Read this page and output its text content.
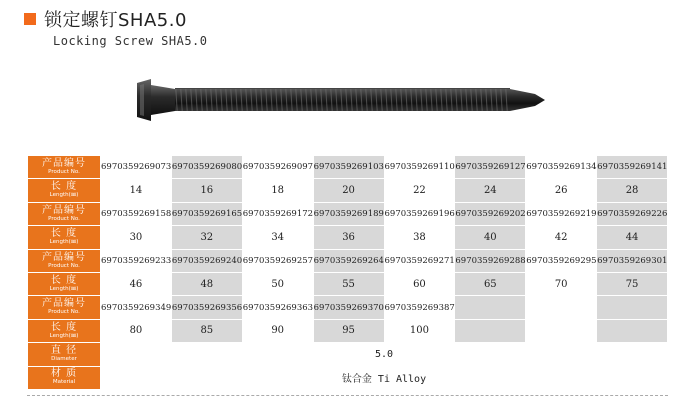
锁定螺钉SHA5.0
Locking Screw SHA5.0
产品编号
Product No.	6970359269073	6970359269080	6970359269097	6970359269103	6970359269110	6970359269127	6970359269134	6970359269141

长 度
Length(㎜)	14	16	18	20	22	24	26	28

产品编号
Product No.	6970359269158	6970359269165	6970359269172	6970359269189	6970359269196	6970359269202	6970359269219	6970359269226

长 度
Length(㎜)	30	32	34	36	38	40	42	44

产品编号
Product No.	6970359269233	6970359269240	6970359269257	6970359269264	6970359269271	6970359269288	6970359269295	6970359269301

长 度
Length(㎜)	46	48	50	55	60	65	70	75

产品编号
Product No.	6970359269349	6970359269356	6970359269363	6970359269370	6970359269387			

长 度
Length(㎜)	80	85	90	95	100			

直 径
Diameter	5.0							

材 质
Material	钛合金 Ti Alloy							
